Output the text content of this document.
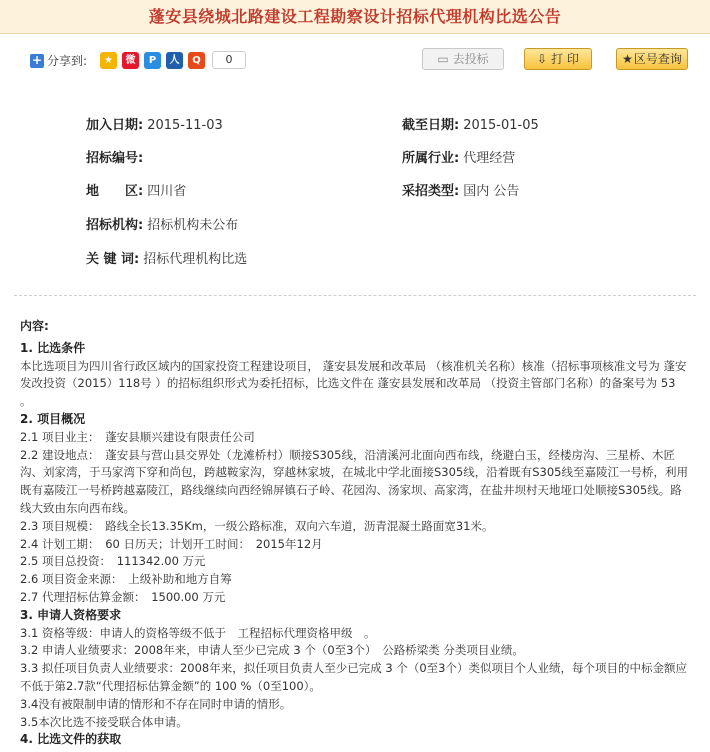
蓬安县绕城北路建设工程勘察设计招标代理机构比选公告
+ 分享到:	★	微	P	人	Q	0	▭ 去投标	⇩ 打 印	★区号查询
加入日期: 2015-11-03	截至日期: 2015-01-05
招标编号:	所属行业: 代理经营
地　　区: 四川省	采招类型: 国内 公告
招标机构: 招标机构未公布
关 键 词: 招标代理机构比选

内容:

1. 比选条件

本比选项目为四川省行政区域内的国家投资工程建设项目， 蓬安县发展和改革局 （核准机关名称）核准（招标事项核准文号为 蓬安发改投资（2015）118号 ）的招标组织形式为委托招标，比选文件在 蓬安县发展和改革局 （投资主管部门名称）的备案号为 53 。

2. 项目概况

2.1 项目业主：　蓬安县顺兴建设有限责任公司

2.2 建设地点：　蓬安县与营山县交界处（龙滩桥村）顺接S305线，沿清溪河北面向西布线，绕避白玉，经楼房沟、三星桥、木匠沟、刘家湾，于马家湾下穿和尚包，跨越鞍家沟，穿越林家坡，在城北中学北面接S305线，沿着既有S305线至嘉陵江一号桥，利用既有嘉陵江一号桥跨越嘉陵江，路线继续向西经锦屏镇石子岭、花园沟、汤家坝、高家湾，在盐井坝村天地垭口处顺接S305线。路线大致由东向西布线。

2.3 项目规模：　路线全长13.35Km，一级公路标准，双向六车道，沥青混凝土路面宽31米。

2.4 计划工期：　60 日历天；计划开工时间：　2015年12月

2.5 项目总投资：　111342.00 万元

2.6 项目资金来源：　上级补助和地方自筹

2.7 代理招标估算金额：　1500.00 万元

3. 申请人资格要求

3.1 资格等级：申请人的资格等级不低于　工程招标代理资格甲级　。

3.2 申请人业绩要求：2008年来，申请人至少已完成 3 个（0至3个）　公路桥梁类 分类项目业绩。

3.3 拟任项目负责人业绩要求：2008年来，拟任项目负责人至少已完成 3 个（0至3个）类似项目个人业绩，每个项目的中标金额应不低于第2.7款“代理招标估算金额”的 100 %（0至100）。

3.4没有被限制申请的情形和不存在同时申请的情形。

3.5本次比选不接受联合体申请。

4. 比选文件的获取
